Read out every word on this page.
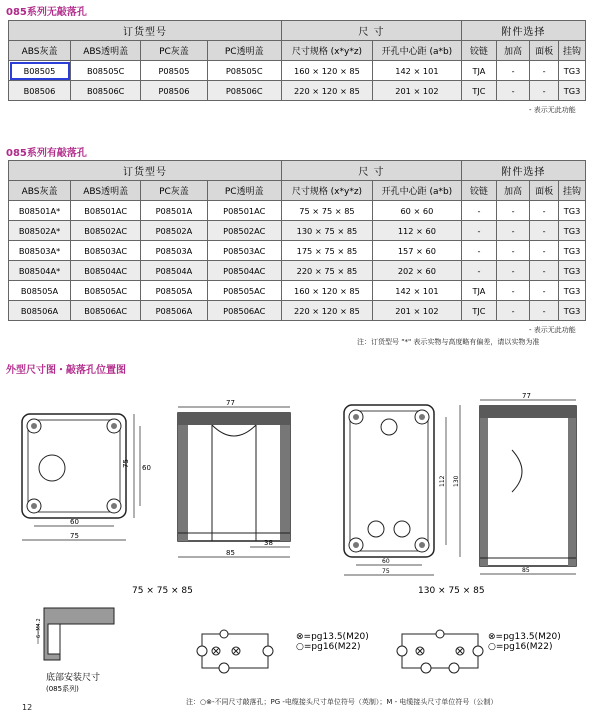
085系列无敲落孔
订货型号				尺 寸		附件选择			
ABS灰盖	ABS透明盖	PC灰盖	PC透明盖	尺寸规格 (x*y*z)	开孔中心距 (a*b)	铰链	加高	面板	挂钩
B08505	B08505C	P08505	P08505C	160 × 120 × 85	142 × 101	TJA	-	-	TG3
B08506	B08506C	P08506	P08506C	220 × 120 × 85	201 × 102	TJC	-	-	TG3
- 表示无此功能
085系列有敲落孔
订货型号				尺 寸		附件选择			
ABS灰盖	ABS透明盖	PC灰盖	PC透明盖	尺寸规格 (x*y*z)	开孔中心距 (a*b)	铰链	加高	面板	挂钩
B08501A*	B08501AC	P08501A	P08501AC	75 × 75 × 85	60 × 60	-	-	-	TG3
B08502A*	B08502AC	P08502A	P08502AC	130 × 75 × 85	112 × 60	-	-	-	TG3
B08503A*	B08503AC	P08503A	P08503AC	175 × 75 × 85	157 × 60	-	-	-	TG3
B08504A*	B08504AC	P08504A	P08504AC	220 × 75 × 85	202 × 60	-	-	-	TG3
B08505A	B08505AC	P08505A	P08505AC	160 × 120 × 85	142 × 101	TJA	-	-	TG3
B08506A	B08506AC	P08506A	P08506AC	220 × 120 × 85	201 × 102	TJC	-	-	TG3
- 表示无此功能
注：订货型号 "*" 表示实物与高度略有偏差，请以实物为准
外型尺寸图・敲落孔位置图
60
75
60
75
77
38
85
60
75
112 130
77
85
75 × 75 × 85	130 × 75 × 85
6−M4.2
底部安装尺寸
(085系列)
⊗=pg13.5(M20)
○=pg16(M22)
⊗=pg13.5(M20)
○=pg16(M22)
注：○⊗-不同尺寸敲落孔；PG -电缆接头尺寸单位符号（英制）；M - 电缆接头尺寸单位符号（公制）
12
